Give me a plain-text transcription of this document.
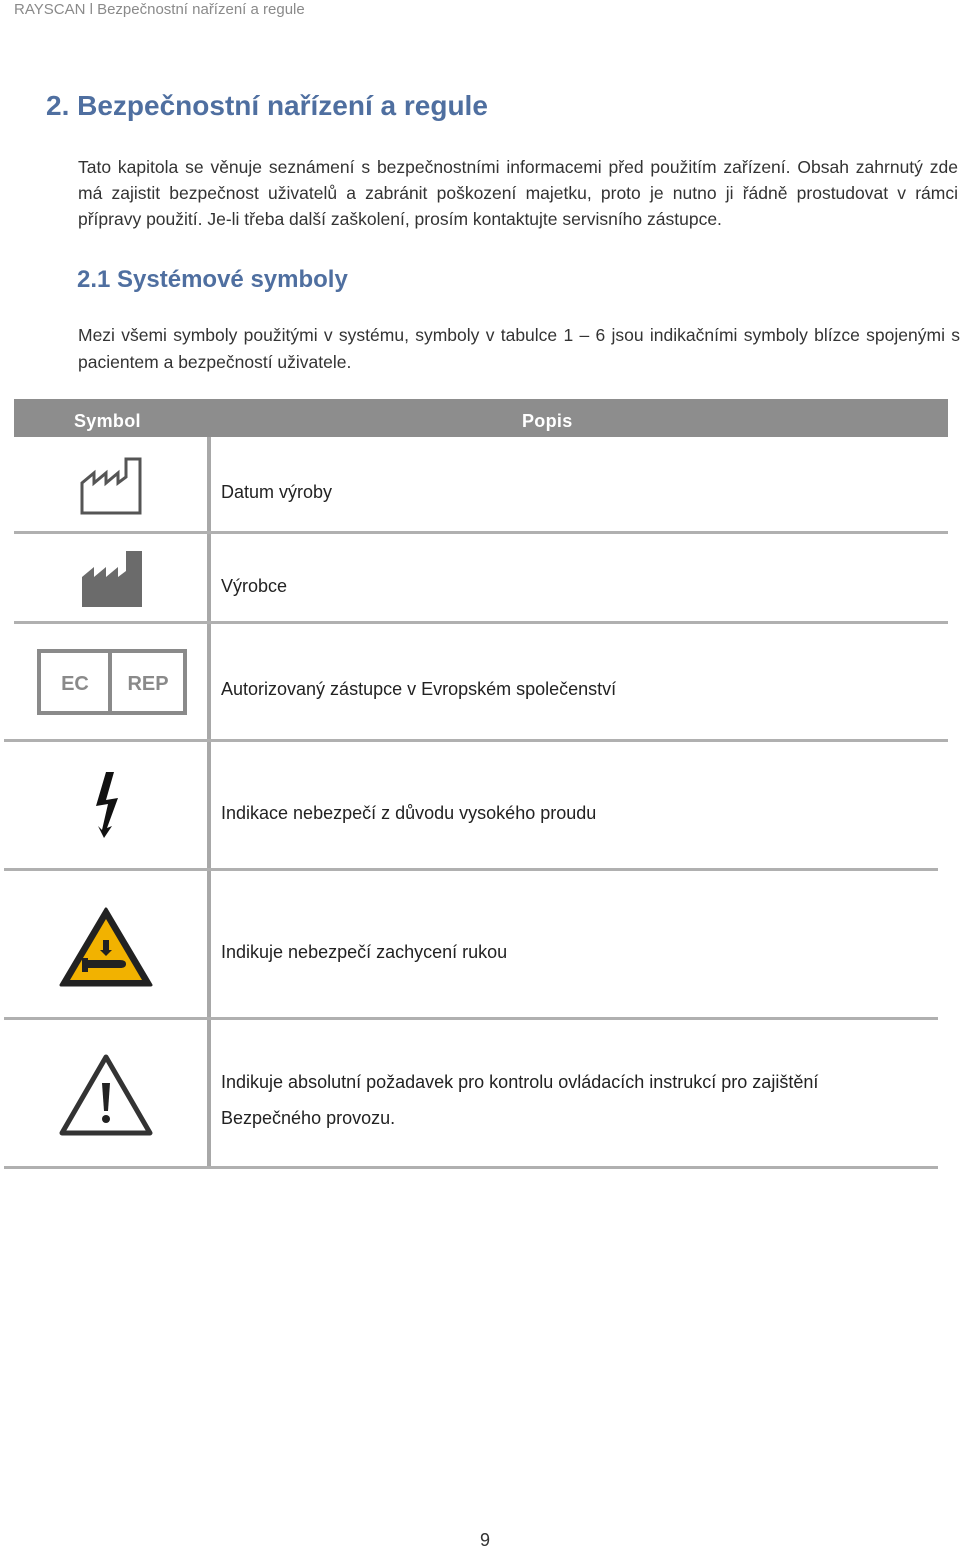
RAYSCAN l Bezpečnostní nařízení a regule
2. Bezpečnostní nařízení a regule

Tato kapitola se věnuje seznámení s bezpečnostními informacemi před použitím zařízení. Obsah zahrnutý zde má zajistit bezpečnost uživatelů a zabránit poškození majetku, proto je nutno ji řádně prostudovat v rámci přípravy použití. Je-li třeba další zaškolení, prosím kontaktujte servisního zástupce.

2.1 Systémové symboly

Mezi všemi symboly použitými v systému, symboly v tabulce 1 – 6 jsou indikačními symboly blízce spojenými s pacientem a bezpečností uživatele.

Symbol	Popis
Datum výroby
Výrobce
EC REP	Autorizovaný zástupce v Evropském společenství
Indikace nebezpečí z důvodu vysokého proudu
Indikuje nebezpečí zachycení rukou
Indikuje absolutní požadavek pro kontrolu ovládacích instrukcí pro zajištění
Bezpečného provozu.
9
